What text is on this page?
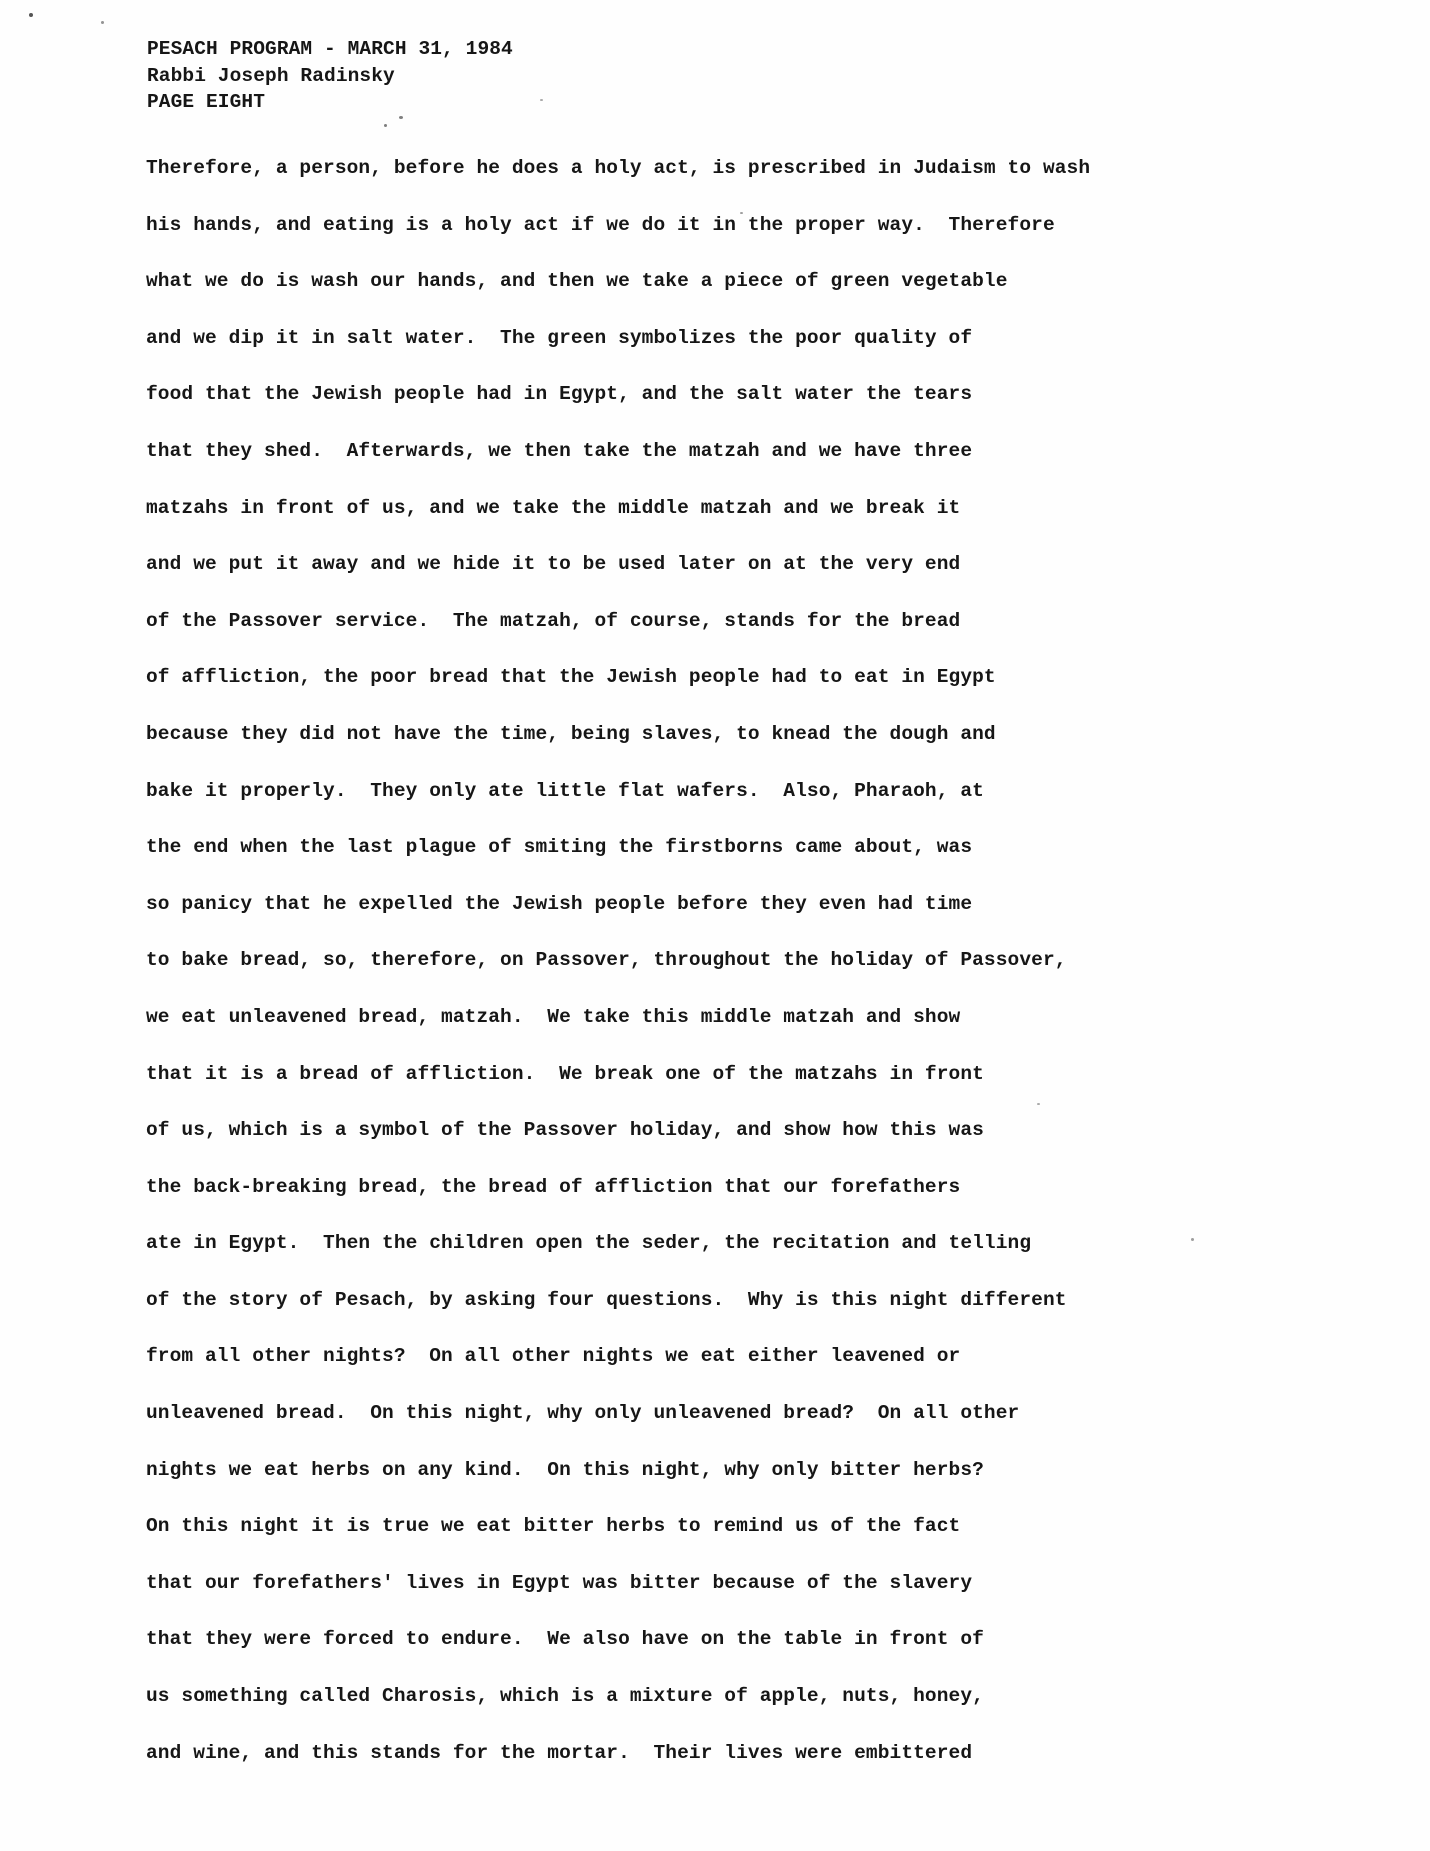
PESACH PROGRAM - MARCH 31, 1984
Rabbi Joseph Radinsky
PAGE EIGHT
Therefore, a person, before he does a holy act, is prescribed in Judaism to wash
his hands, and eating is a holy act if we do it in the proper way.  Therefore
what we do is wash our hands, and then we take a piece of green vegetable
and we dip it in salt water.  The green symbolizes the poor quality of
food that the Jewish people had in Egypt, and the salt water the tears
that they shed.  Afterwards, we then take the matzah and we have three
matzahs in front of us, and we take the middle matzah and we break it
and we put it away and we hide it to be used later on at the very end
of the Passover service.  The matzah, of course, stands for the bread
of affliction, the poor bread that the Jewish people had to eat in Egypt
because they did not have the time, being slaves, to knead the dough and
bake it properly.  They only ate little flat wafers.  Also, Pharaoh, at
the end when the last plague of smiting the firstborns came about, was
so panicy that he expelled the Jewish people before they even had time
to bake bread, so, therefore, on Passover, throughout the holiday of Passover,
we eat unleavened bread, matzah.  We take this middle matzah and show
that it is a bread of affliction.  We break one of the matzahs in front
of us, which is a symbol of the Passover holiday, and show how this was
the back-breaking bread, the bread of affliction that our forefathers
ate in Egypt.  Then the children open the seder, the recitation and telling
of the story of Pesach, by asking four questions.  Why is this night different
from all other nights?  On all other nights we eat either leavened or
unleavened bread.  On this night, why only unleavened bread?  On all other
nights we eat herbs on any kind.  On this night, why only bitter herbs?
On this night it is true we eat bitter herbs to remind us of the fact
that our forefathers' lives in Egypt was bitter because of the slavery
that they were forced to endure.  We also have on the table in front of
us something called Charosis, which is a mixture of apple, nuts, honey,
and wine, and this stands for the mortar.  Their lives were embittered
